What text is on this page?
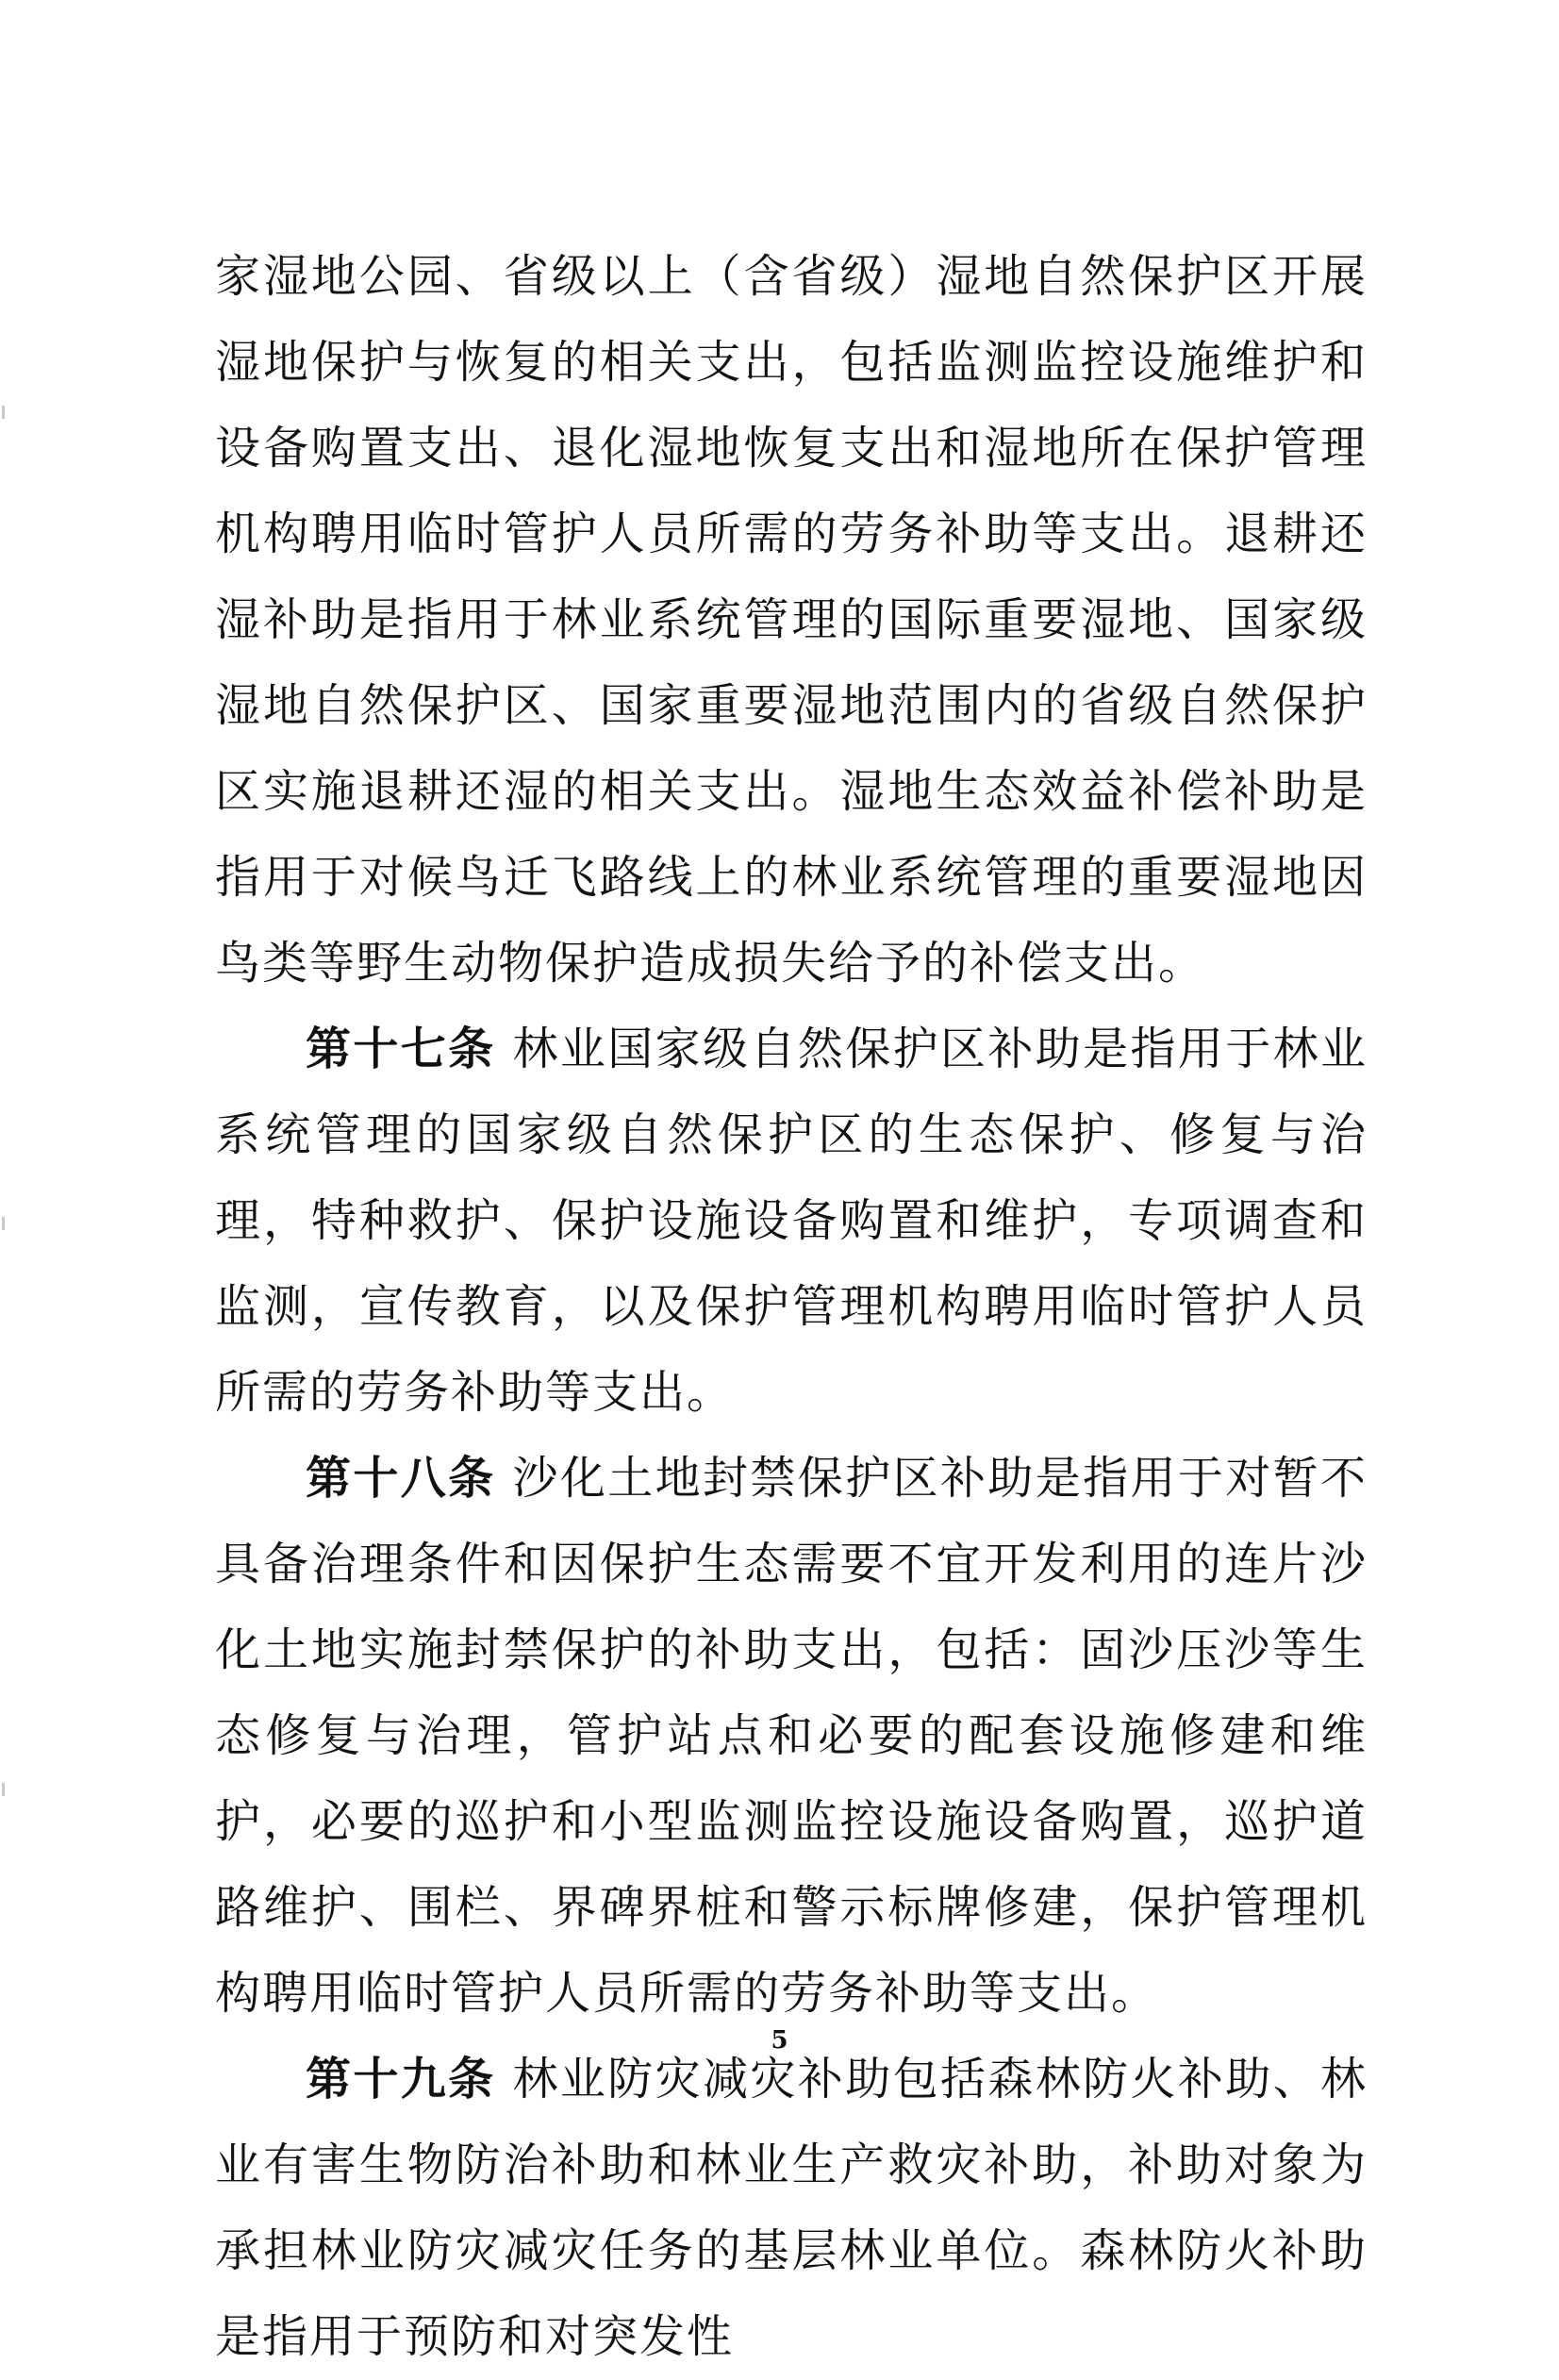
家湿地公园、省级以上（含省级）湿地自然保护区开展湿地保护与恢复的相关支出，包括监测监控设施维护和设备购置支出、退化湿地恢复支出和湿地所在保护管理机构聘用临时管护人员所需的劳务补助等支出。退耕还湿补助是指用于林业系统管理的国际重要湿地、国家级湿地自然保护区、国家重要湿地范围内的省级自然保护区实施退耕还湿的相关支出。湿地生态效益补偿补助是指用于对候鸟迁飞路线上的林业系统管理的重要湿地因鸟类等野生动物保护造成损失给予的补偿支出。

第十七条 林业国家级自然保护区补助是指用于林业系统管理的国家级自然保护区的生态保护、修复与治理，特种救护、保护设施设备购置和维护，专项调查和监测，宣传教育，以及保护管理机构聘用临时管护人员所需的劳务补助等支出。

第十八条 沙化土地封禁保护区补助是指用于对暂不具备治理条件和因保护生态需要不宜开发利用的连片沙化土地实施封禁保护的补助支出，包括：固沙压沙等生态修复与治理，管护站点和必要的配套设施修建和维护，必要的巡护和小型监测监控设施设备购置，巡护道路维护、围栏、界碑界桩和警示标牌修建，保护管理机构聘用临时管护人员所需的劳务补助等支出。

第十九条 林业防灾减灾补助包括森林防火补助、林业有害生物防治补助和林业生产救灾补助，补助对象为承担林业防灾减灾任务的基层林业单位。森林防火补助是指用于预防和对突发性

5
